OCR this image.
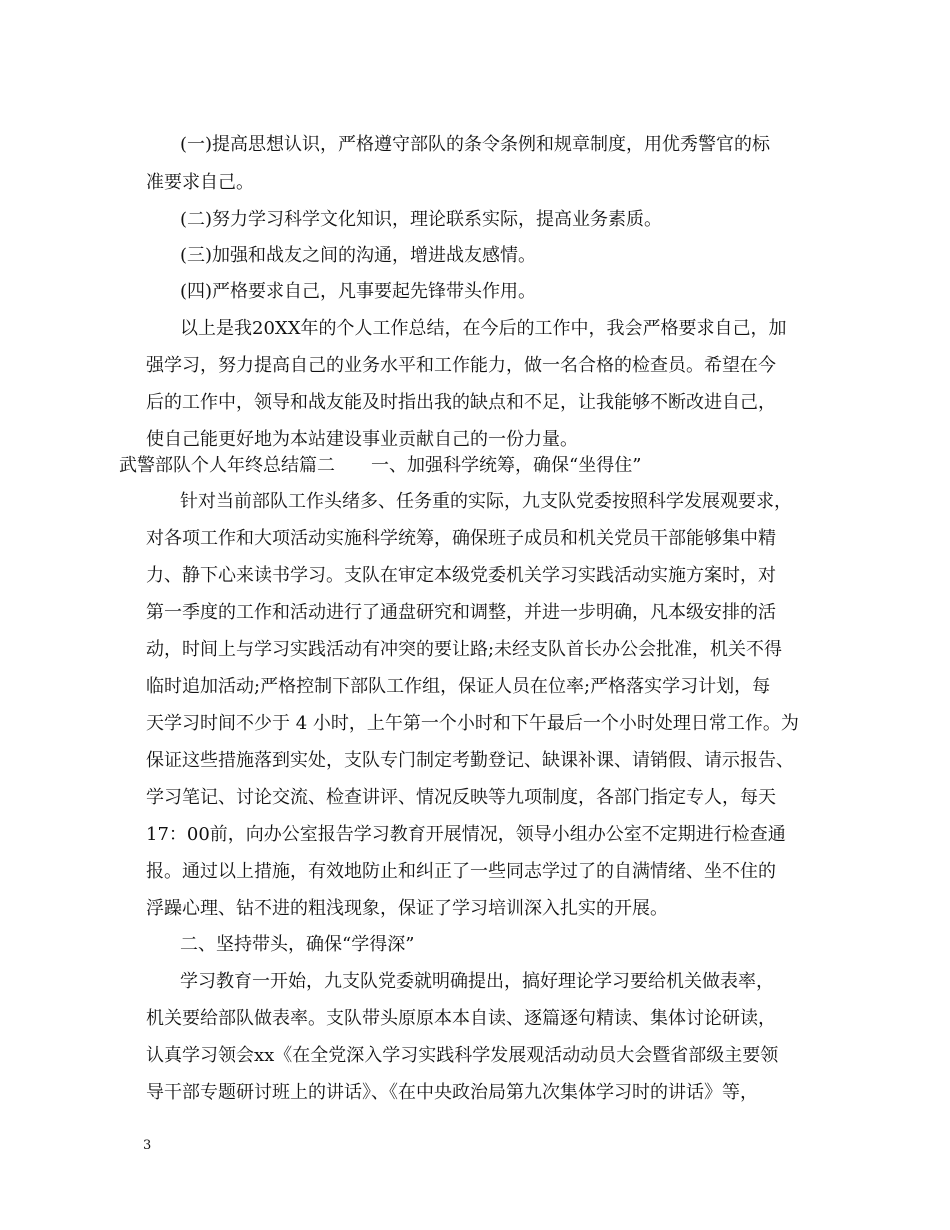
(一)提高思想认识，严格遵守部队的条令条例和规章制度，用优秀警官的标
准要求自己。
(二)努力学习科学文化知识，理论联系实际，提高业务素质。
(三)加强和战友之间的沟通，增进战友感情。
(四)严格要求自己，凡事要起先锋带头作用。
以上是我20XX年的个人工作总结，在今后的工作中，我会严格要求自己，加
强学习，努力提高自己的业务水平和工作能力，做一名合格的检查员。希望在今
后的工作中，领导和战友能及时指出我的缺点和不足，让我能够不断改进自己，
使自己能更好地为本站建设事业贡献自己的一份力量。
武警部队个人年终总结篇二　　一、加强科学统筹，确保“坐得住”
针对当前部队工作头绪多、任务重的实际，九支队党委按照科学发展观要求，
对各项工作和大项活动实施科学统筹，确保班子成员和机关党员干部能够集中精
力、静下心来读书学习。支队在审定本级党委机关学习实践活动实施方案时，对
第一季度的工作和活动进行了通盘研究和调整，并进一步明确，凡本级安排的活
动，时间上与学习实践活动有冲突的要让路;未经支队首长办公会批准，机关不得
临时追加活动;严格控制下部队工作组，保证人员在位率;严格落实学习计划，每
天学习时间不少于 4 小时，上午第一个小时和下午最后一个小时处理日常工作。为
保证这些措施落到实处，支队专门制定考勤登记、缺课补课、请销假、请示报告、
学习笔记、讨论交流、检查讲评、情况反映等九项制度，各部门指定专人，每天
17：00前，向办公室报告学习教育开展情况，领导小组办公室不定期进行检查通
报。通过以上措施，有效地防止和纠正了一些同志学过了的自满情绪、坐不住的
浮躁心理、钻不进的粗浅现象，保证了学习培训深入扎实的开展。
二、坚持带头，确保“学得深”
学习教育一开始，九支队党委就明确提出，搞好理论学习要给机关做表率，
机关要给部队做表率。支队带头原原本本自读、逐篇逐句精读、集体讨论研读，
认真学习领会xx《在全党深入学习实践科学发展观活动动员大会暨省部级主要领
导干部专题研讨班上的讲话》、《在中央政治局第九次集体学习时的讲话》等，
3
